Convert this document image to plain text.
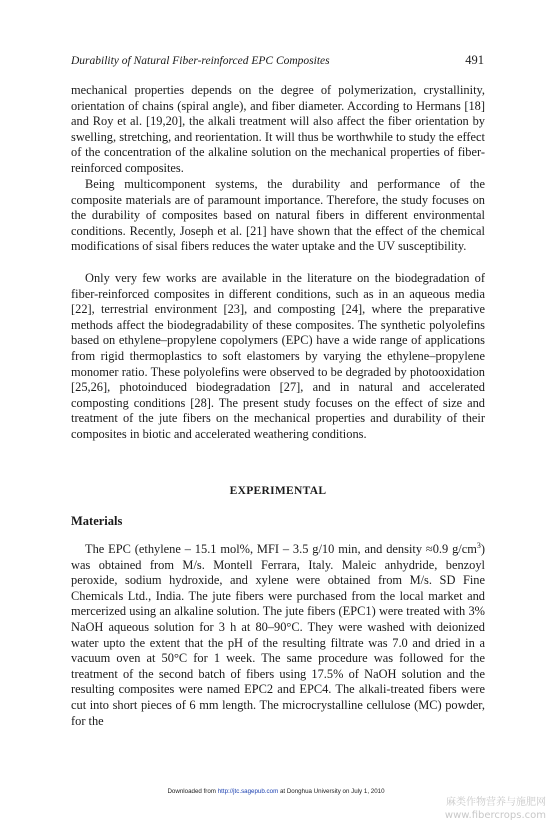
Durability of Natural Fiber-reinforced EPC Composites	491

mechanical properties depends on the degree of polymerization, crystallinity, orientation of chains (spiral angle), and fiber diameter. According to Hermans [18] and Roy et al. [19,20], the alkali treatment will also affect the fiber orientation by swelling, stretching, and reorientation. It will thus be worthwhile to study the effect of the concentration of the alkaline solution on the mechanical properties of fiber-reinforced composites.

Being multicomponent systems, the durability and performance of the composite materials are of paramount importance. Therefore, the study focuses on the durability of composites based on natural fibers in different environmental conditions. Recently, Joseph et al. [21] have shown that the effect of the chemical modifications of sisal fibers reduces the water uptake and the UV susceptibility.

Only very few works are available in the literature on the biodegradation of fiber-reinforced composites in different conditions, such as in an aqueous media [22], terrestrial environment [23], and composting [24], where the preparative methods affect the biodegradability of these composites. The synthetic polyolefins based on ethylene–propylene copolymers (EPC) have a wide range of applications from rigid thermoplastics to soft elastomers by varying the ethylene–propylene monomer ratio. These polyolefins were observed to be degraded by photooxidation [25,26], photoinduced biodegradation [27], and in natural and accelerated composting conditions [28]. The present study focuses on the effect of size and treatment of the jute fibers on the mechanical properties and durability of their composites in biotic and accelerated weathering conditions.

EXPERIMENTAL
Materials

The EPC (ethylene – 15.1 mol%, MFI – 3.5 g/10 min, and density ≈0.9 $g/cm^3$) was obtained from M/s. Montell Ferrara, Italy. Maleic anhydride, benzoyl peroxide, sodium hydroxide, and xylene were obtained from M/s. SD Fine Chemicals Ltd., India. The jute fibers were purchased from the local market and mercerized using an alkaline solution. The jute fibers (EPC1) were treated with 3% NaOH aqueous solution for 3 h at 80–90°C. They were washed with deionized water upto the extent that the pH of the resulting filtrate was 7.0 and dried in a vacuum oven at 50°C for 1 week. The same procedure was followed for the treatment of the second batch of fibers using 17.5% of NaOH solution and the resulting composites were named EPC2 and EPC4. The alkali-treated fibers were cut into short pieces of 6 mm length. The microcrystalline cellulose (MC) powder, for the

Downloaded from http://jtc.sagepub.com at Donghua University on July 1, 2010
麻类作物营养与施肥网
www.fibercrops.com
